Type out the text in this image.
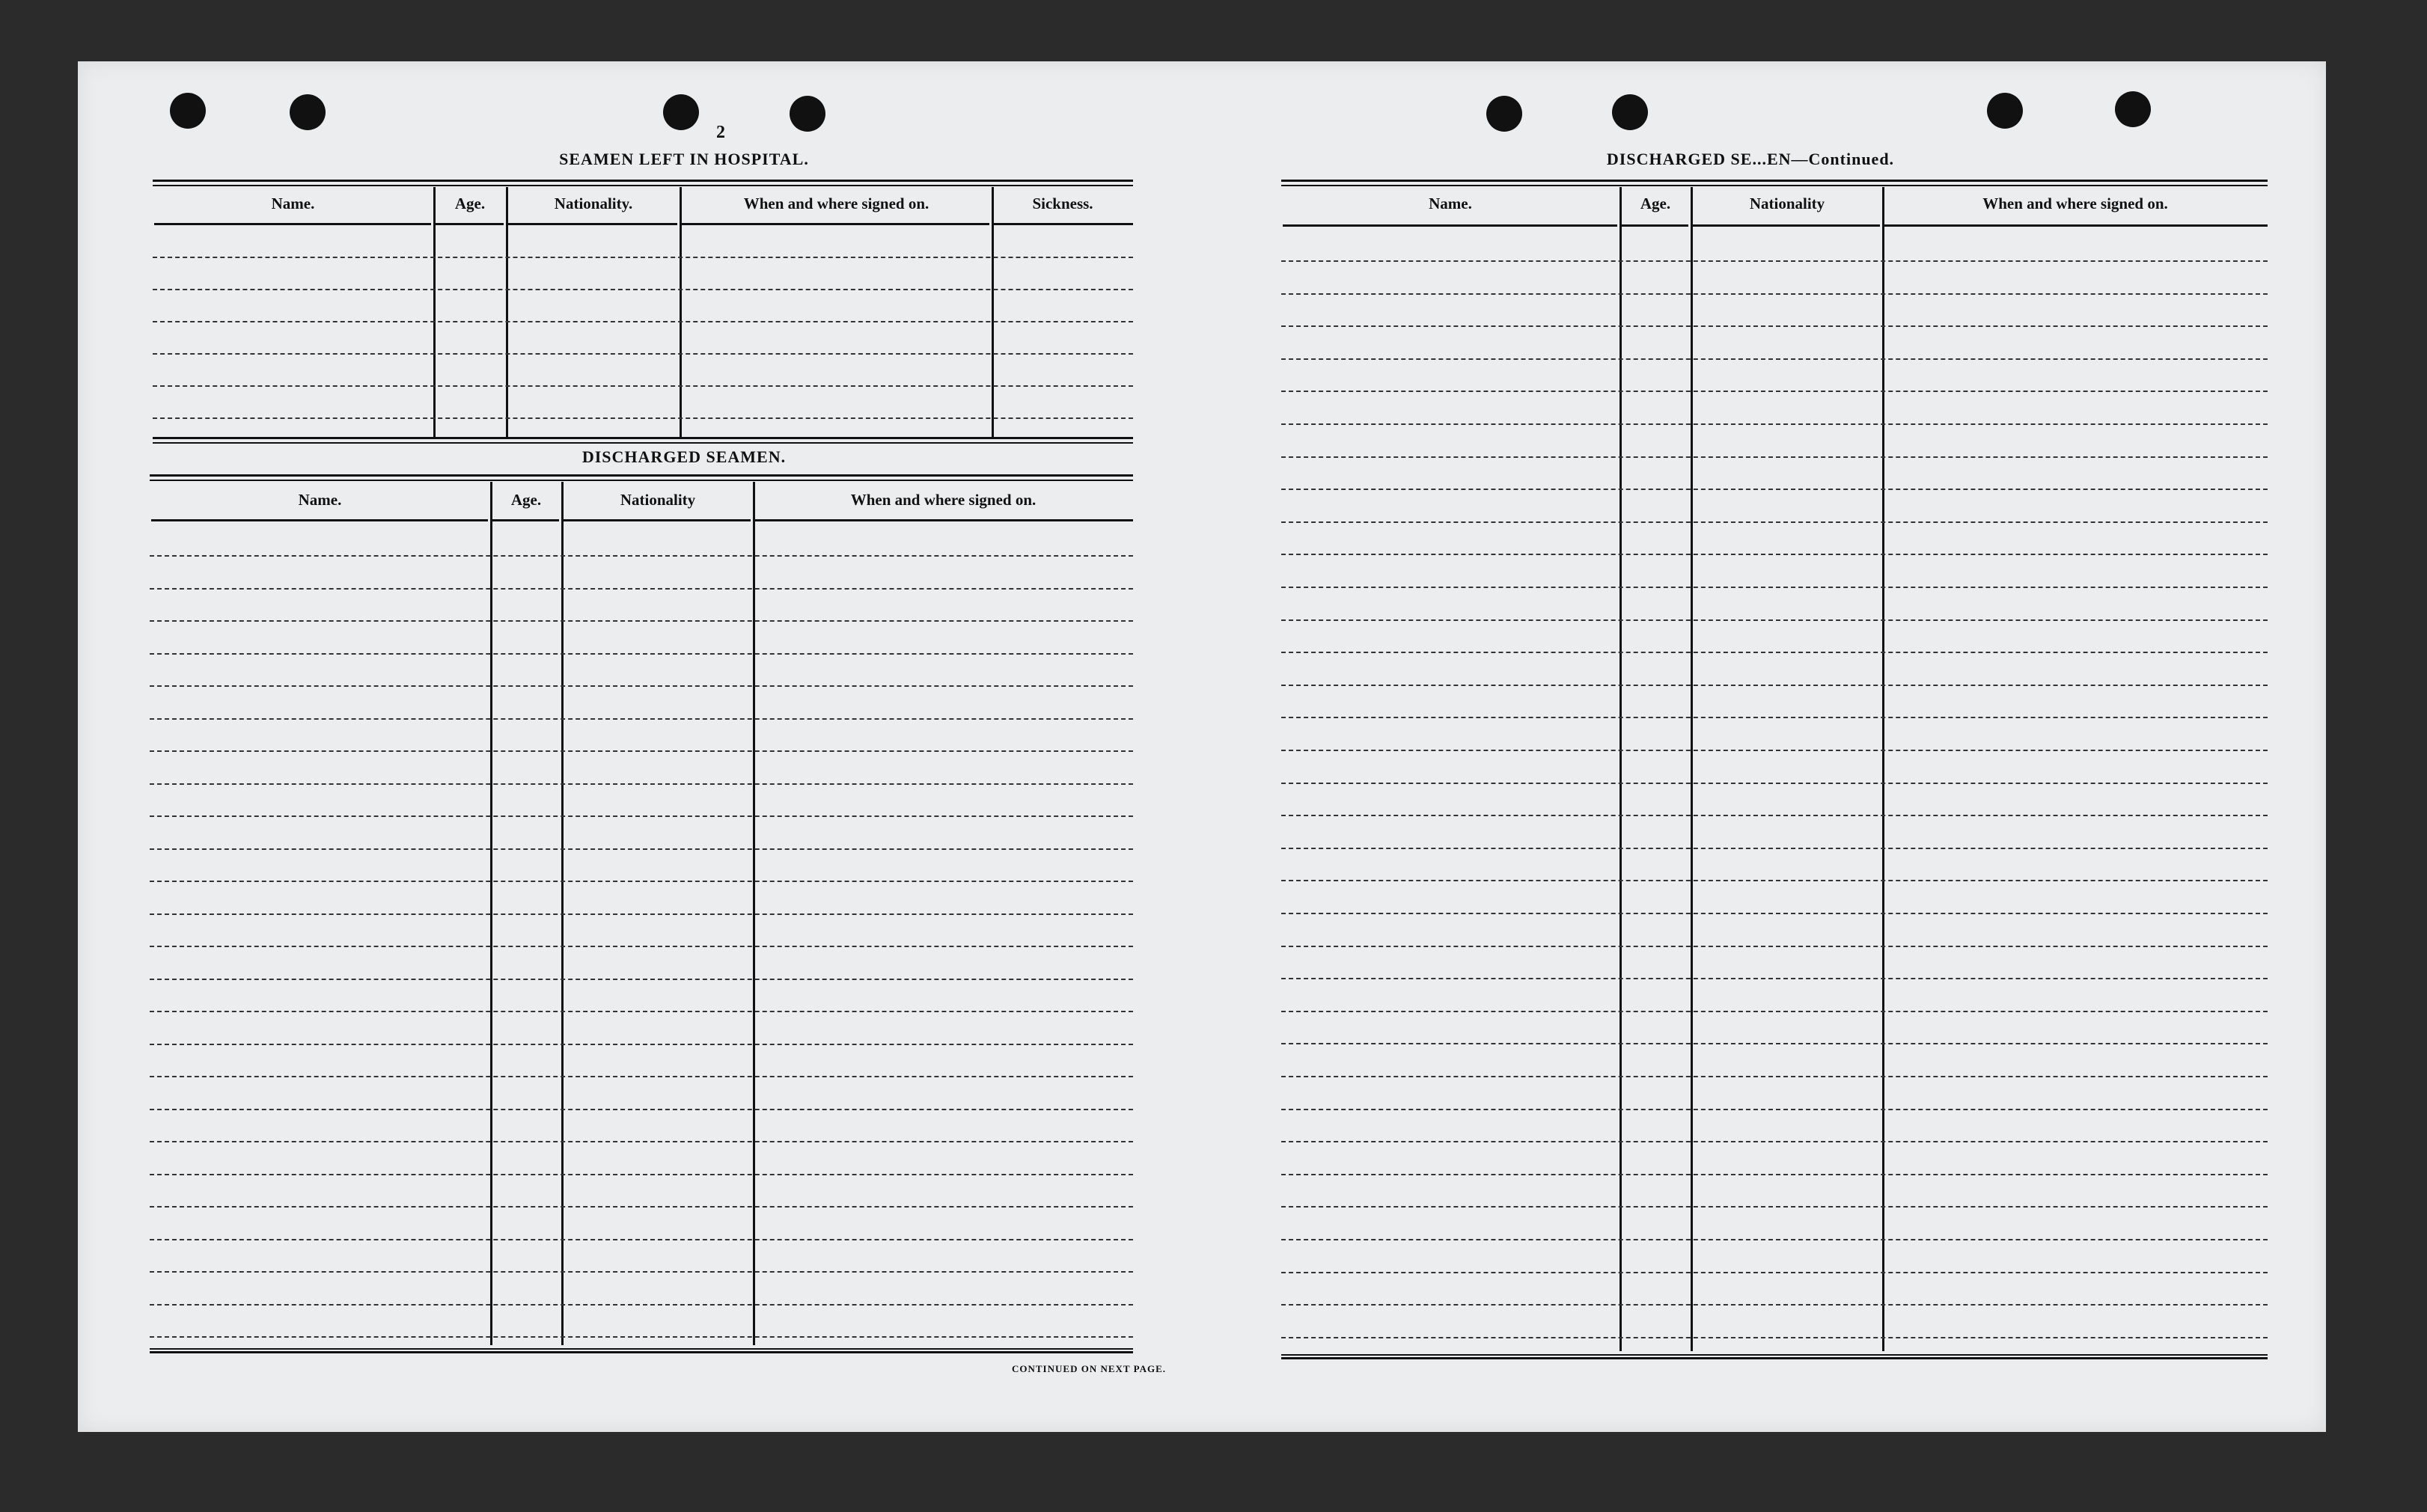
2
SEAMEN LEFT IN HOSPITAL.
Name.	Age.	Nationality.	When and where signed on.	Sickness.
DISCHARGED SEAMEN.
Name.	Age.	Nationality	When and where signed on.
CONTINUED ON NEXT PAGE.
DISCHARGED SE...EN—Continued.
Name.	Age.	Nationality	When and where signed on.
